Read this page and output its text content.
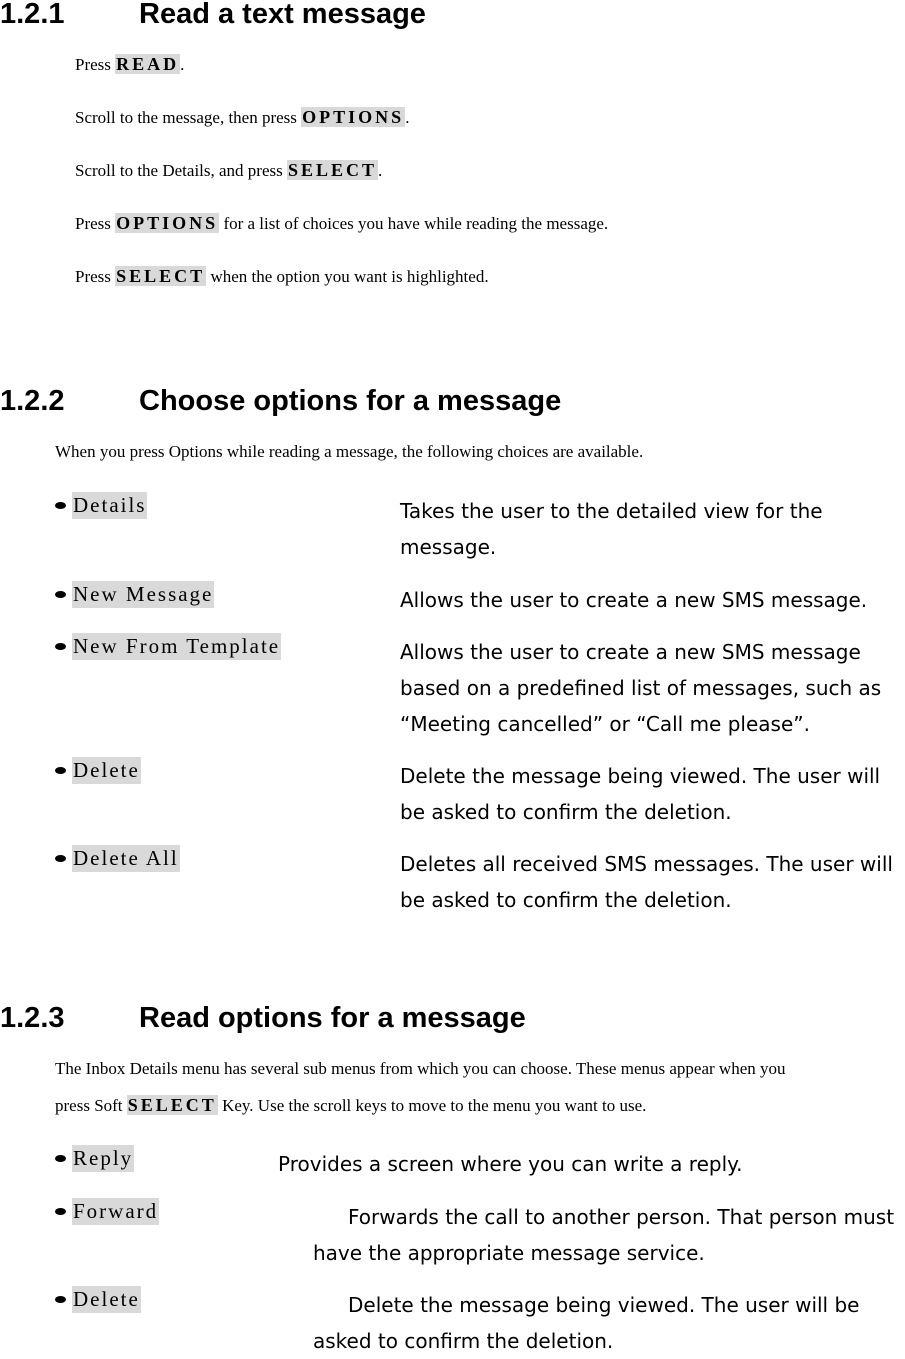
1.2.1	Read a text message

Press READ.

Scroll to the message, then press OPTIONS.

Scroll to the Details, and press SELECT.

Press OPTIONS for a list of choices you have while reading the message.

Press SELECT when the option you want is highlighted.

1.2.2	Choose options for a message

When you press Options while reading a message, the following choices are available.

Details	Takes the user to the detailed view for the message.
New Message	Allows the user to create a new SMS message.
New From Template	Allows the user to create a new SMS message based on a predefined list of messages, such as “Meeting cancelled” or “Call me please”.
Delete	Delete the message being viewed. The user will be asked to confirm the deletion.
Delete All	Deletes all received SMS messages. The user will be asked to confirm the deletion.
1.2.3	Read options for a message

The Inbox Details menu has several sub menus from which you can choose. These menus appear when you

press Soft SELECT Key. Use the scroll keys to move to the menu you want to use.

Reply	Provides a screen where you can write a reply.
Forward	Forwards the call to another person. That person must have the appropriate message service.
Delete	Delete the message being viewed. The user will be asked to confirm the deletion.
